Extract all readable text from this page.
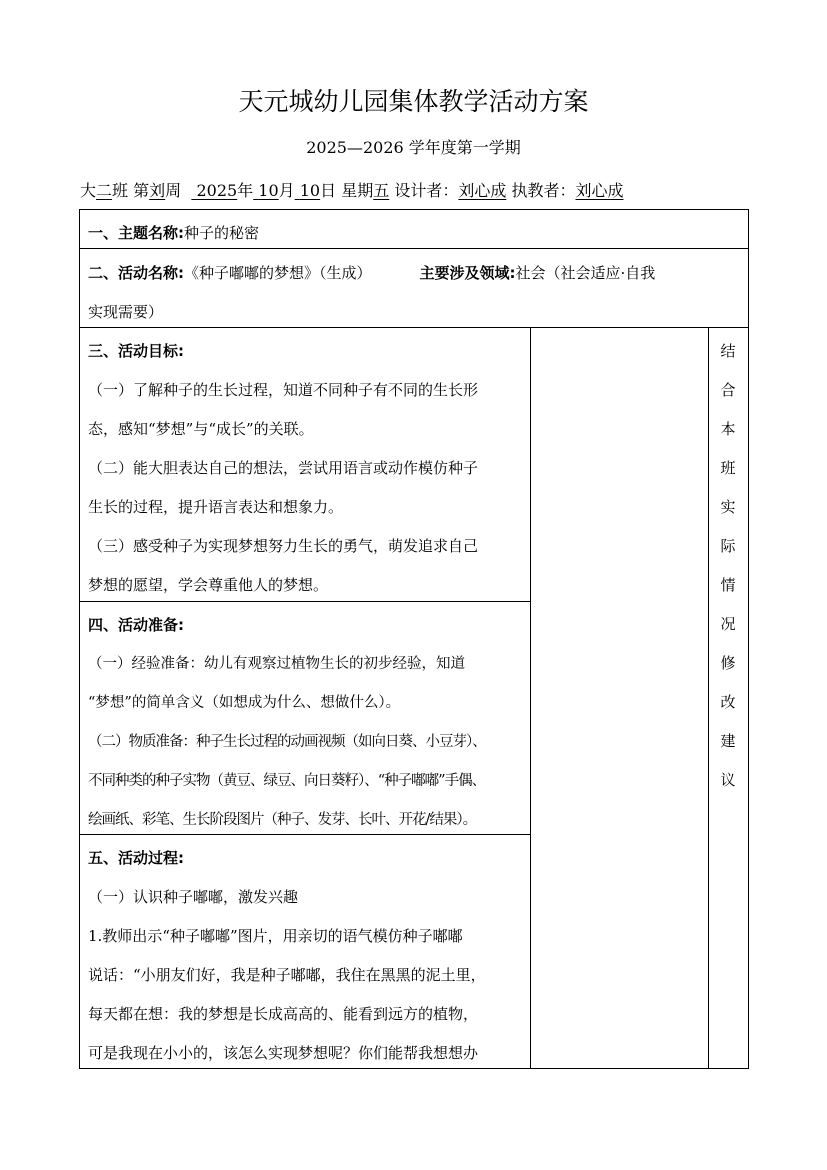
天元城幼儿园集体教学活动方案
2025—2026 学年度第一学期
大二班 第刘周 2025年 10月 10日 星期五 设计者：刘心成 执教者：刘心成
一、主题名称:种子的秘密
二、活动名称:《种子嘟嘟的梦想》（生成）	主要涉及领域:社会（社会适应·自我
实现需要）
三、活动目标:
（一）了解种子的生长过程，知道不同种子有不同的生长形
态，感知“梦想”与“成长”的关联。
（二）能大胆表达自己的想法，尝试用语言或动作模仿种子
生长的过程，提升语言表达和想象力。
（三）感受种子为实现梦想努力生长的勇气，萌发追求自己
梦想的愿望，学会尊重他人的梦想。
四、活动准备:
（一）经验准备：幼儿有观察过植物生长的初步经验，知道
“梦想”的简单含义（如想成为什么、想做什么）。
（二）物质准备：种子生长过程的动画视频（如向日葵、小豆芽）、
不同种类的种子实物（黄豆、绿豆、向日葵籽）、“种子嘟嘟”手偶、
绘画纸、彩笔、生长阶段图片（种子、发芽、长叶、开花/结果）。
五、活动过程:
（一）认识种子嘟嘟，激发兴趣
1.教师出示“种子嘟嘟”图片，用亲切的语气模仿种子嘟嘟
说话：“小朋友们好，我是种子嘟嘟，我住在黑黑的泥土里，
每天都在想：我的梦想是长成高高的、能看到远方的植物，
可是我现在小小的，该怎么实现梦想呢？你们能帮我想想办
结
合
本
班
实
际
情
况
修
改
建
议
